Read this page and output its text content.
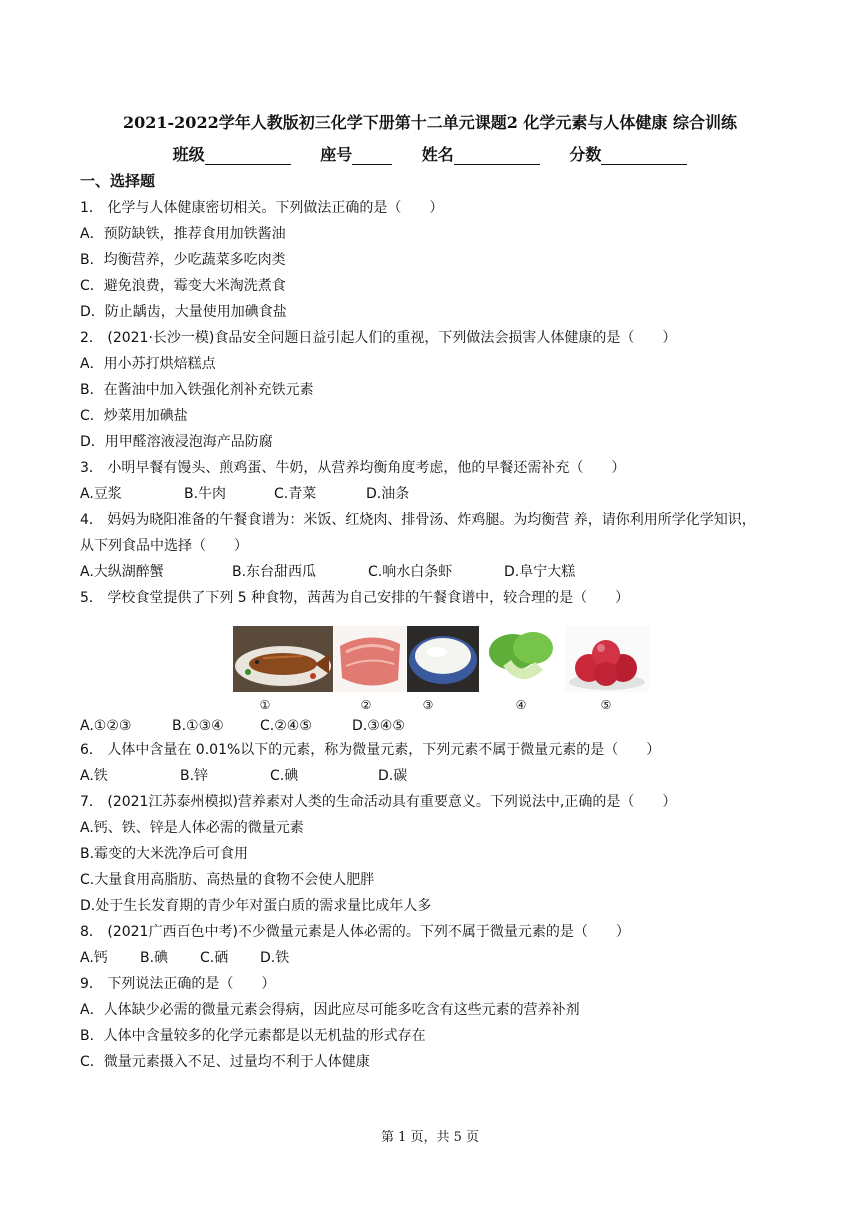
2021-2022学年人教版初三化学下册第十二单元课题2 化学元素与人体健康 综合训练
班级	座号	姓名	分数
一、选择题
1． 化学与人体健康密切相关。下列做法正确的是（　　）
A．预防缺铁，推荐食用加铁酱油
B．均衡营养，少吃蔬菜多吃肉类
C．避免浪费，霉变大米淘洗煮食
D．防止龋齿，大量使用加碘食盐
2． (2021·长沙一模)食品安全问题日益引起人们的重视，下列做法会损害人体健康的是（　　）
A．用小苏打烘焙糕点
B．在酱油中加入铁强化剂补充铁元素
C．炒菜用加碘盐
D．用甲醛溶液浸泡海产品防腐
3． 小明早餐有馒头、煎鸡蛋、牛奶，从营养均衡角度考虑，他的早餐还需补充（　　）
A.豆浆	B.牛肉	C.青菜	D.油条
4． 妈妈为晓阳准备的午餐食谱为：米饭、红烧肉、排骨汤、炸鸡腿。为均衡营 养，请你利用所学化学知识，
从下列食品中选择（　　）
A.大纵湖醉蟹	B.东台甜西瓜	C.响水白条虾	D.阜宁大糕
5． 学校食堂提供了下列 5 种食物，茜茜为自己安排的午餐食谱中，较合理的是（　　）
①	②	③	④	⑤
A.①②③	B.①③④	C.②④⑤	D.③④⑤
6． 人体中含量在 0.01%以下的元素，称为微量元素，下列元素不属于微量元素的是（　　）
A.铁	B.锌	C.碘	D.碳
7． (2021江苏泰州模拟)营养素对人类的生命活动具有重要意义。下列说法中,正确的是（　　）
A.钙、铁、锌是人体必需的微量元素
B.霉变的大米洗净后可食用
C.大量食用高脂肪、高热量的食物不会使人肥胖
D.处于生长发育期的青少年对蛋白质的需求量比成年人多
8． (2021广西百色中考)不少微量元素是人体必需的。下列不属于微量元素的是（　　）
A.钙 B.碘 C.硒 D.铁
9． 下列说法正确的是（　　）
A．人体缺少必需的微量元素会得病，因此应尽可能多吃含有这些元素的营养补剂
B．人体中含量较多的化学元素都是以无机盐的形式存在
C．微量元素摄入不足、过量均不利于人体健康
第 1 页，共 5 页
